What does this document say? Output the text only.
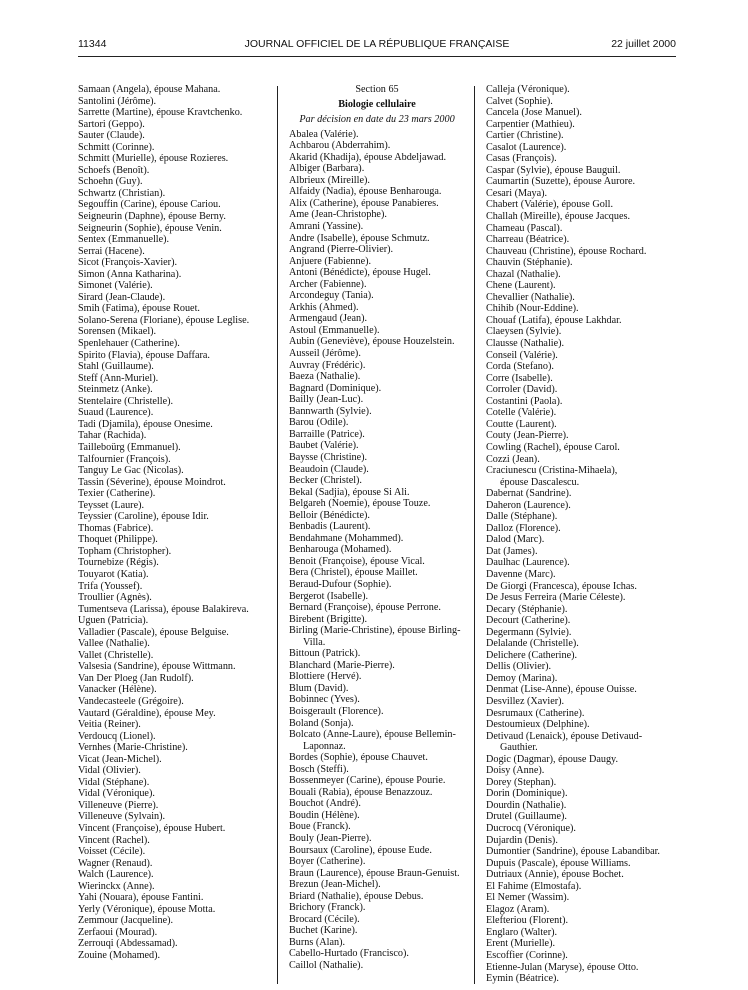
11344	JOURNAL OFFICIEL DE LA RÉPUBLIQUE FRANÇAISE	22 juillet 2000
Samaan (Angela), épouse Mahana.
Santolini (Jérôme).
Sarrette (Martine), épouse Kravtchenko.
Sartori (Geppo).
Sauter (Claude).
Schmitt (Corinne).
Schmitt (Murielle), épouse Rozieres.
Schoefs (Benoît).
Schoehn (Guy).
Schwartz (Christian).
Segouffin (Carine), épouse Cariou.
Seigneurin (Daphne), épouse Berny.
Seigneurin (Sophie), épouse Venin.
Sentex (Emmanuelle).
Serrai (Hacene).
Sicot (François-Xavier).
Simon (Anna Katharina).
Simonet (Valérie).
Sirard (Jean-Claude).
Smih (Fatima), épouse Rouet.
Solano-Serena (Floriane), épouse Leglise.
Sorensen (Mikael).
Spenlehauer (Catherine).
Spirito (Flavia), épouse Daffara.
Stahl (Guillaume).
Steff (Ann-Muriel).
Steinmetz (Anke).
Stentelaire (Christelle).
Suaud (Laurence).
Tadi (Djamila), épouse Onesime.
Tahar (Rachida).
Tailleboürg (Emmanuel).
Talfournier (François).
Tanguy Le Gac (Nicolas).
Tassin (Séverine), épouse Moindrot.
Texier (Catherine).
Teysset (Laure).
Teyssier (Caroline), épouse Idir.
Thomas (Fabrice).
Thoquet (Philippe).
Topham (Christopher).
Tournebize (Régis).
Touyarot (Katia).
Trifa (Youssef).
Troullier (Agnès).
Tumentseva (Larissa), épouse Balakireva.
Uguen (Patricia).
Valladier (Pascale), épouse Belguise.
Vallee (Nathalie).
Vallet (Christelle).
Valsesia (Sandrine), épouse Wittmann.
Van Der Ploeg (Jan Rudolf).
Vanacker (Hélène).
Vandecasteele (Grégoire).
Vautard (Géraldine), épouse Mey.
Veitia (Reiner).
Verdoucq (Lionel).
Vernhes (Marie-Christine).
Vicat (Jean-Michel).
Vidal (Olivier).
Vidal (Stéphane).
Vidal (Véronique).
Villeneuve (Pierre).
Villeneuve (Sylvain).
Vincent (Françoise), épouse Hubert.
Vincent (Rachel).
Voisset (Cécile).
Wagner (Renaud).
Walch (Laurence).
Wierinckx (Anne).
Yahi (Nouara), épouse Fantini.
Yerly (Véronique), épouse Motta.
Zemmour (Jacqueline).
Zerfaoui (Mourad).
Zerrouqi (Abdessamad).
Zouine (Mohamed).
Section 65
Biologie cellulaire
Par décision en date du 23 mars 2000
Abalea (Valérie).
Achbarou (Abderrahim).
Akarid (Khadija), épouse Abdeljawad.
Albiger (Barbara).
Albrieux (Mireille).
Alfaidy (Nadia), épouse Benharouga.
Alix (Catherine), épouse Panabieres.
Ame (Jean-Christophe).
Amrani (Yassine).
Andre (Isabelle), épouse Schmutz.
Angrand (Pierre-Olivier).
Anjuere (Fabienne).
Antoni (Bénédicte), épouse Hugel.
Archer (Fabienne).
Arcondeguy (Tania).
Arkhis (Ahmed).
Armengaud (Jean).
Astoul (Emmanuelle).
Aubin (Geneviève), épouse Houzelstein.
Ausseil (Jérôme).
Auvray (Frédéric).
Baeza (Nathalie).
Bagnard (Dominique).
Bailly (Jean-Luc).
Bannwarth (Sylvie).
Barou (Odile).
Barraille (Patrice).
Baubet (Valérie).
Baysse (Christine).
Beaudoin (Claude).
Becker (Christel).
Bekal (Sadjia), épouse Si Ali.
Belgareh (Noemie), épouse Touze.
Belloir (Bénédicte).
Benbadis (Laurent).
Bendahmane (Mohammed).
Benharouga (Mohamed).
Benoit (Françoise), épouse Vical.
Bera (Christel), épouse Maillet.
Beraud-Dufour (Sophie).
Bergerot (Isabelle).
Bernard (Françoise), épouse Perrone.
Birebent (Brigitte).
Birling (Marie-Christine), épouse Birling-
Villa.
Bittoun (Patrick).
Blanchard (Marie-Pierre).
Blottiere (Hervé).
Blum (David).
Bobinnec (Yves).
Boisgerault (Florence).
Boland (Sonja).
Bolcato (Anne-Laure), épouse Bellemin-
Laponnaz.
Bordes (Sophie), épouse Chauvet.
Bosch (Steffi).
Bossenmeyer (Carine), épouse Pourie.
Bouali (Rabia), épouse Benazzouz.
Bouchot (André).
Boudin (Hélène).
Boue (Franck).
Bouly (Jean-Pierre).
Boursaux (Caroline), épouse Eude.
Boyer (Catherine).
Braun (Laurence), épouse Braun-Genuist.
Brezun (Jean-Michel).
Briard (Nathalie), épouse Debus.
Brichory (Franck).
Brocard (Cécile).
Buchet (Karine).
Burns (Alan).
Cabello-Hurtado (Francisco).
Caillol (Nathalie).
Calleja (Véronique).
Calvet (Sophie).
Cancela (Jose Manuel).
Carpentier (Mathieu).
Cartier (Christine).
Casalot (Laurence).
Casas (François).
Caspar (Sylvie), épouse Bauguil.
Caumartin (Suzette), épouse Aurore.
Cesari (Maya).
Chabert (Valérie), épouse Goll.
Challah (Mireille), épouse Jacques.
Chameau (Pascal).
Charreau (Béatrice).
Chauveau (Christine), épouse Rochard.
Chauvin (Stéphanie).
Chazal (Nathalie).
Chene (Laurent).
Chevallier (Nathalie).
Chihib (Nour-Eddine).
Chouaf (Latifa), épouse Lakhdar.
Claeysen (Sylvie).
Clausse (Nathalie).
Conseil (Valérie).
Corda (Stefano).
Corre (Isabelle).
Corroler (David).
Costantini (Paola).
Cotelle (Valérie).
Coutte (Laurent).
Couty (Jean-Pierre).
Cowling (Rachel), épouse Carol.
Cozzi (Jean).
Craciunescu (Cristina-Mihaela),
épouse Dascalescu.
Dabernat (Sandrine).
Daheron (Laurence).
Dalle (Stéphane).
Dalloz (Florence).
Dalod (Marc).
Dat (James).
Daulhac (Laurence).
Davenne (Marc).
De Giorgi (Francesca), épouse Ichas.
De Jesus Ferreira (Marie Céleste).
Decary (Stéphanie).
Decourt (Catherine).
Degermann (Sylvie).
Delalande (Christelle).
Delichere (Catherine).
Dellis (Olivier).
Demoy (Marina).
Denmat (Lise-Anne), épouse Ouisse.
Desvillez (Xavier).
Desrumaux (Catherine).
Destoumieux (Delphine).
Detivaud (Lenaick), épouse Detivaud-
Gauthier.
Dogic (Dagmar), épouse Daugy.
Doisy (Anne).
Dorey (Stephan).
Dorin (Dominique).
Dourdin (Nathalie).
Drutel (Guillaume).
Ducrocq (Véronique).
Dujardin (Denis).
Dumontier (Sandrine), épouse Labandibar.
Dupuis (Pascale), épouse Williams.
Dutriaux (Annie), épouse Bochet.
El Fahime (Elmostafa).
El Nemer (Wassim).
Elagoz (Aram).
Elefteriou (Florent).
Englaro (Walter).
Erent (Murielle).
Escoffier (Corinne).
Etienne-Julan (Maryse), épouse Otto.
Eymin (Béatrice).
